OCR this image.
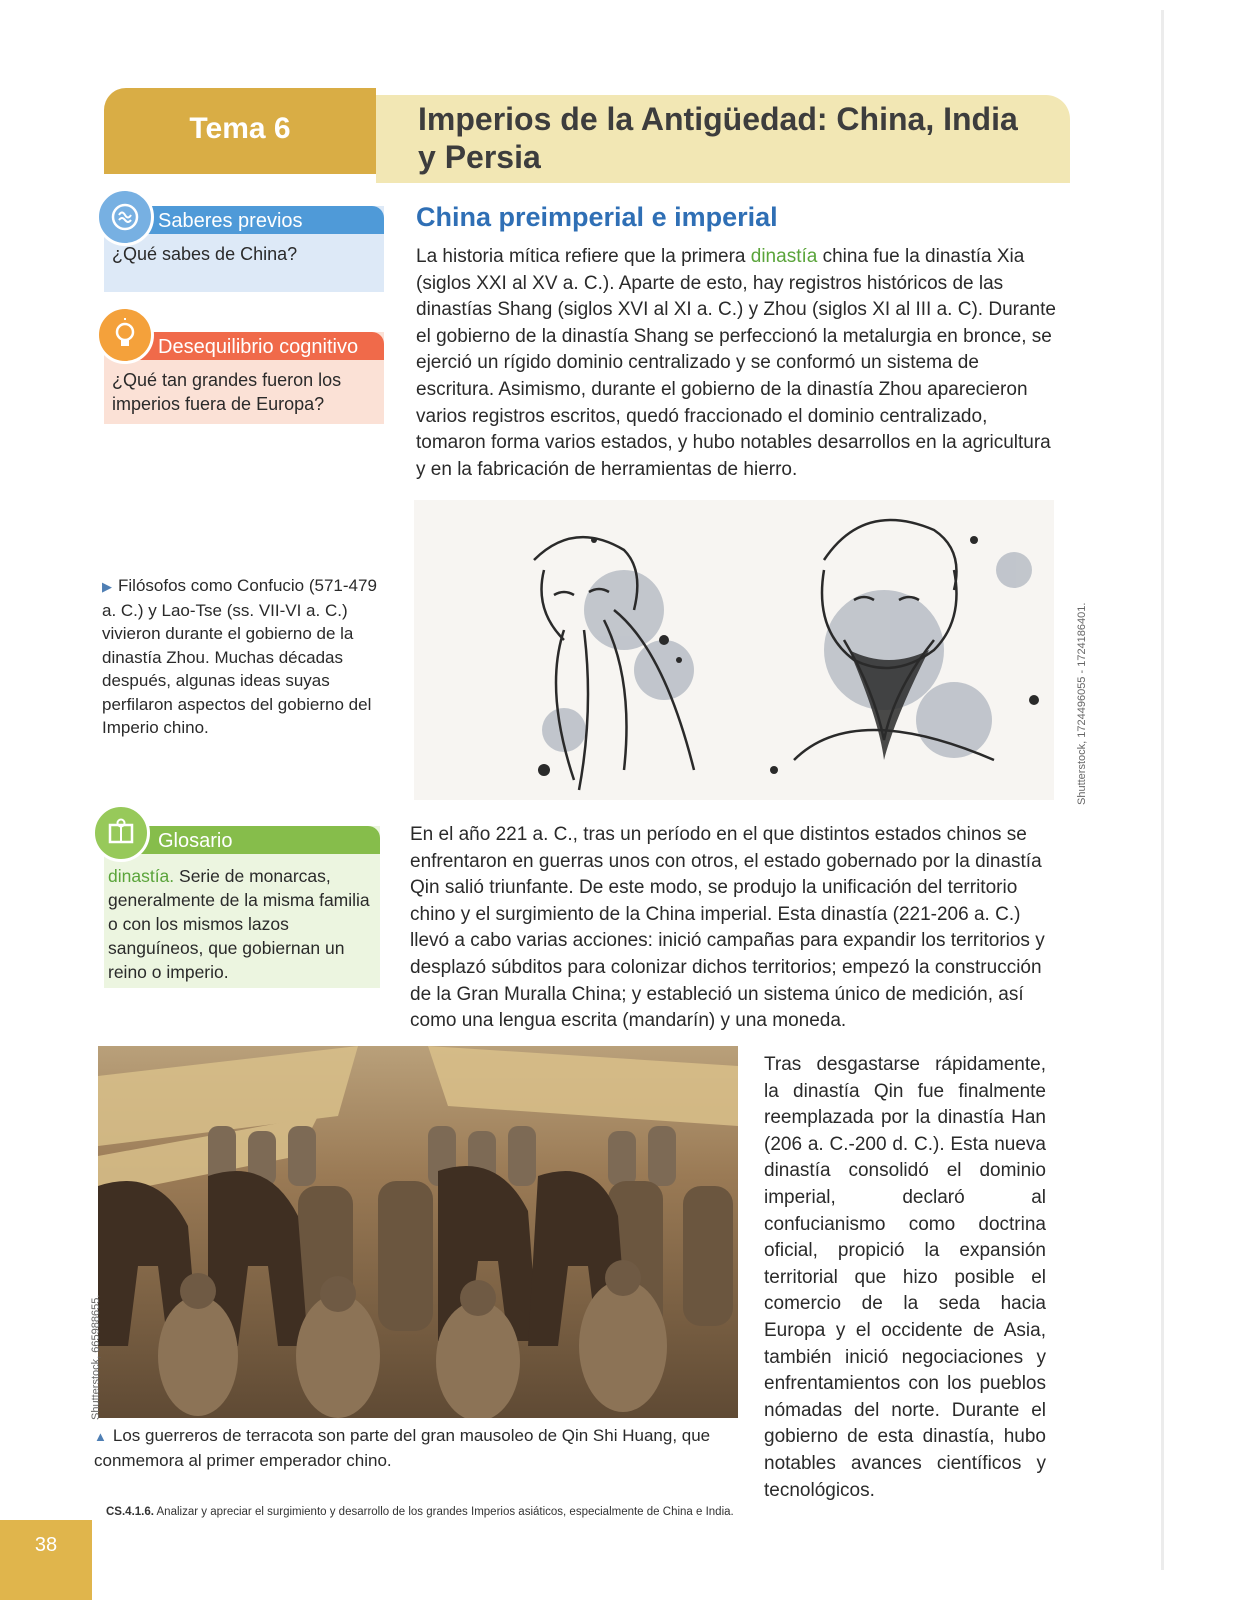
Tema 6	Imperios de la Antigüedad: China, India
y Persia
Saberes previos
¿Qué sabes de China?
Desequilibrio cognitivo
¿Qué tan grandes fueron los imperios fuera de Europa?
▶ Filósofos como Confucio (571-479 a. C.) y Lao-Tse (ss. VII-VI a. C.) vivieron durante el gobierno de la dinastía Zhou. Muchas décadas después, algunas ideas suyas perfilaron aspectos del gobierno del Imperio chino.
Glosario
dinastía. Serie de monarcas, generalmente de la misma familia o con los mismos lazos sanguíneos, que gobiernan un reino o imperio.
China preimperial e imperial
La historia mítica refiere que la primera dinastía china fue la dinastía Xia (siglos XXI al XV a. C.). Aparte de esto, hay registros históricos de las dinastías Shang (siglos XVI al XI a. C.) y Zhou (siglos XI al III a. C). Durante el gobierno de la dinastía Shang se perfeccionó la metalurgia en bronce, se ejerció un rígido dominio centralizado y se conformó un sistema de escritura. Asimismo, durante el gobierno de la dinastía Zhou aparecieron varios registros escritos, quedó fraccionado el dominio centralizado, tomaron forma varios estados, y hubo notables desarrollos en la agricultura y en la fabricación de herramientas de hierro.
Shutterstock, 1724496055 - 1724186401.
En el año 221 a. C., tras un período en el que distintos estados chinos se enfrentaron en guerras unos con otros, el estado gobernado por la dinastía Qin salió triunfante. De este modo, se produjo la unificación del territorio chino y el surgimiento de la China imperial. Esta dinastía (221-206 a. C.) llevó a cabo varias acciones: inició campañas para expandir los territorios y desplazó súbditos para colonizar dichos territorios; empezó la construcción de la Gran Muralla China; y estableció un sistema único de medición, así como una lengua escrita (mandarín) y una moneda.
Shutterstock, 665988655.
▲ Los guerreros de terracota son parte del gran mausoleo de Qin Shi Huang, que conmemora al primer emperador chino.
Tras desgastarse rápidamente, la dinastía Qin fue finalmente reemplazada por la dinastía Han (206 a. C.-200 d. C.). Esta nueva dinastía consolidó el dominio imperial, declaró al confucianismo como doctrina oficial, propició la expansión territorial que hizo posible el comercio de la seda hacia Europa y el occidente de Asia, también inició negociaciones y enfrentamientos con los pueblos nómadas del norte. Durante el gobierno de esta dinastía, hubo notables avances científicos y tecnológicos.
CS.4.1.6. Analizar y apreciar el surgimiento y desarrollo de los grandes Imperios asiáticos, especialmente de China e India.
38
